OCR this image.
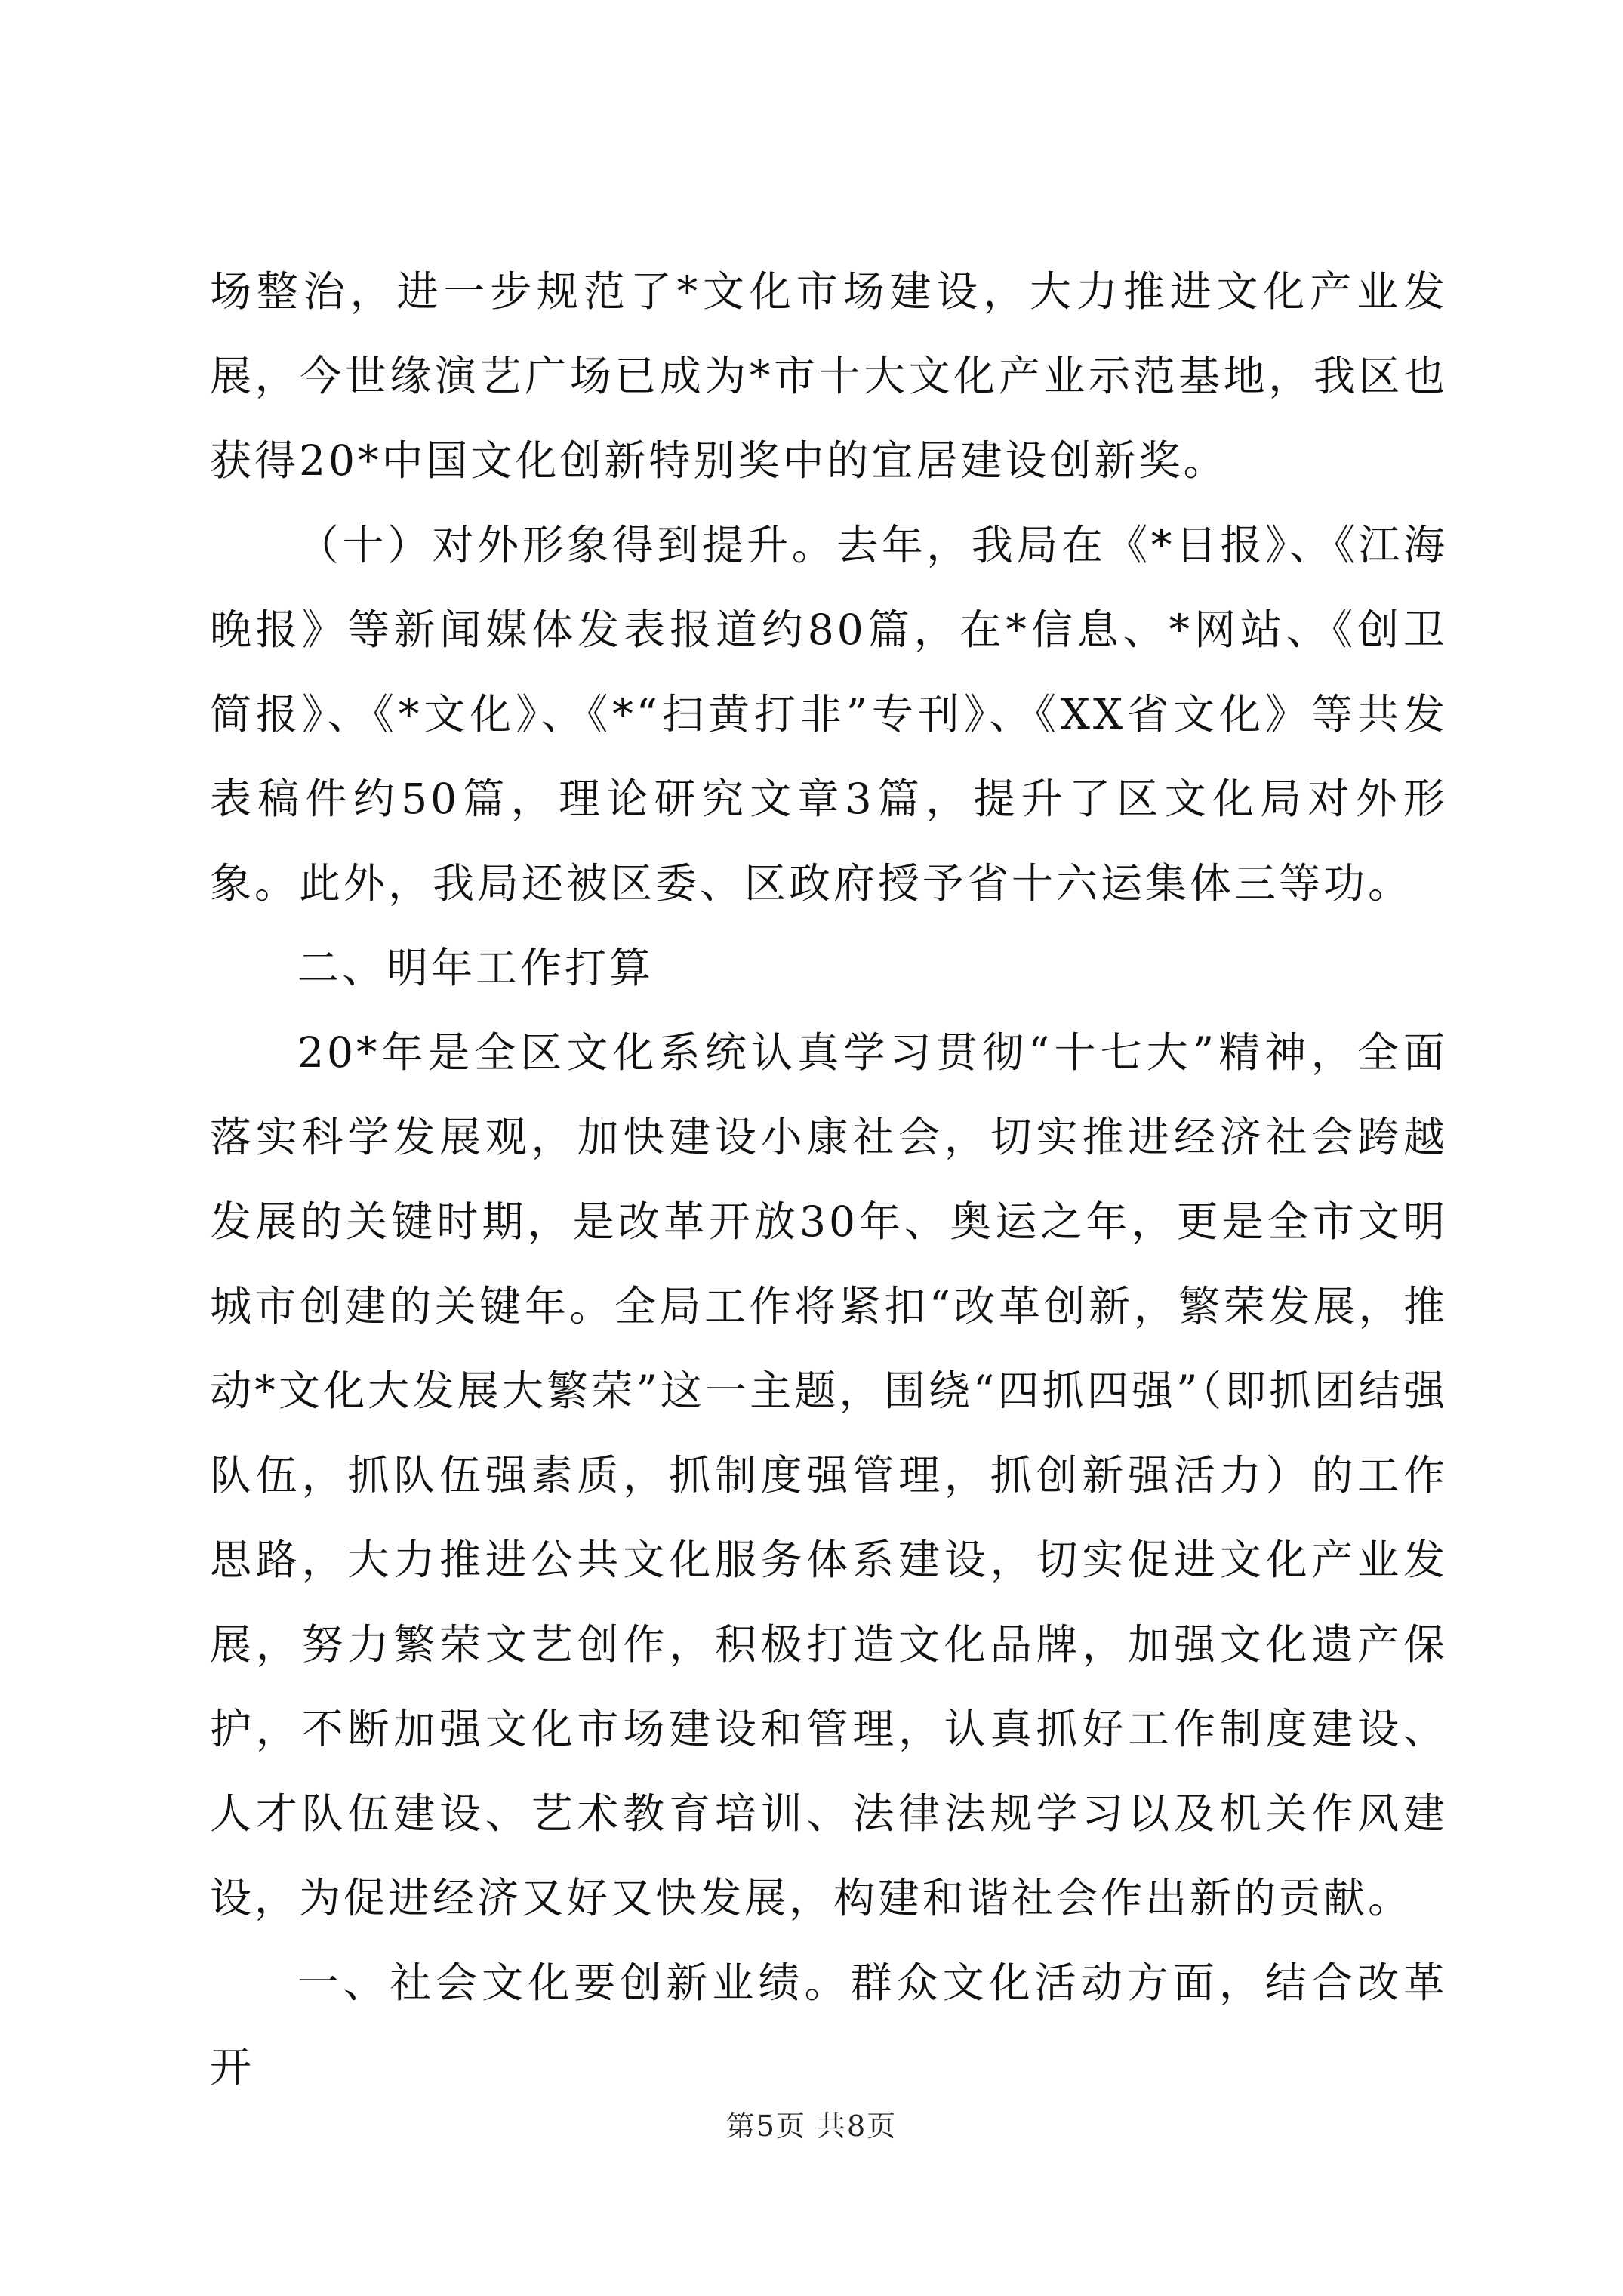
场整治，进一步规范了*文化市场建设，大力推进文化产业发展，今世缘演艺广场已成为*市十大文化产业示范基地，我区也获得20*中国文化创新特别奖中的宜居建设创新奖。

（十）对外形象得到提升。去年，我局在《*日报》、《江海晚报》等新闻媒体发表报道约80篇，在*信息、*网站、《创卫简报》、《*文化》、《*“扫黄打非”专刊》、《XX省文化》等共发表稿件约50篇，理论研究文章3篇，提升了区文化局对外形象。此外，我局还被区委、区政府授予省十六运集体三等功。

二、明年工作打算

20*年是全区文化系统认真学习贯彻“十七大”精神，全面落实科学发展观，加快建设小康社会，切实推进经济社会跨越发展的关键时期，是改革开放30年、奥运之年，更是全市文明城市创建的关键年。全局工作将紧扣“改革创新，繁荣发展，推动*文化大发展大繁荣”这一主题，围绕“四抓四强”（即抓团结强队伍，抓队伍强素质，抓制度强管理，抓创新强活力）的工作思路，大力推进公共文化服务体系建设，切实促进文化产业发展，努力繁荣文艺创作，积极打造文化品牌，加强文化遗产保护，不断加强文化市场建设和管理，认真抓好工作制度建设、人才队伍建设、艺术教育培训、法律法规学习以及机关作风建设，为促进经济又好又快发展，构建和谐社会作出新的贡献。

一、社会文化要创新业绩。群众文化活动方面，结合改革开

第5页 共8页
